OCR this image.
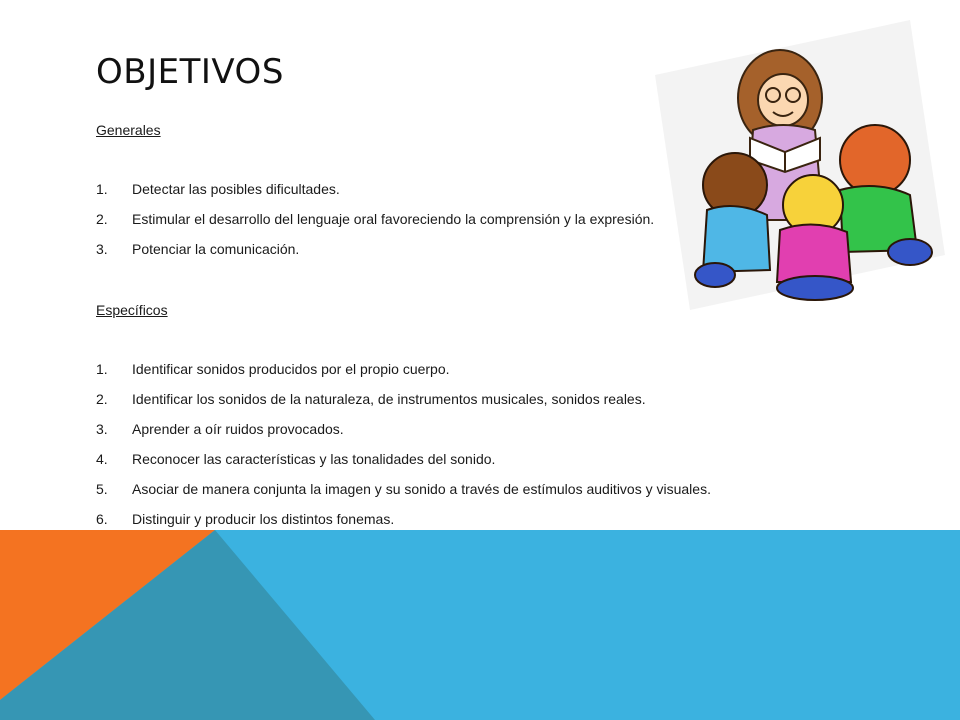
OBJETIVOS
Generales
1.	Detectar las posibles dificultades.
2.	Estimular el desarrollo del lenguaje oral favoreciendo la comprensión y la expresión.
3.	Potenciar la comunicación.
Específicos
1.	Identificar sonidos producidos por el propio cuerpo.
2.	Identificar los sonidos de la naturaleza, de instrumentos musicales, sonidos reales.
3.	Aprender a oír ruidos provocados.
4.	Reconocer las características y las tonalidades del sonido.
5.	Asociar de manera conjunta la imagen y su sonido a través de estímulos auditivos y visuales.
6.	Distinguir y producir los distintos fonemas.
